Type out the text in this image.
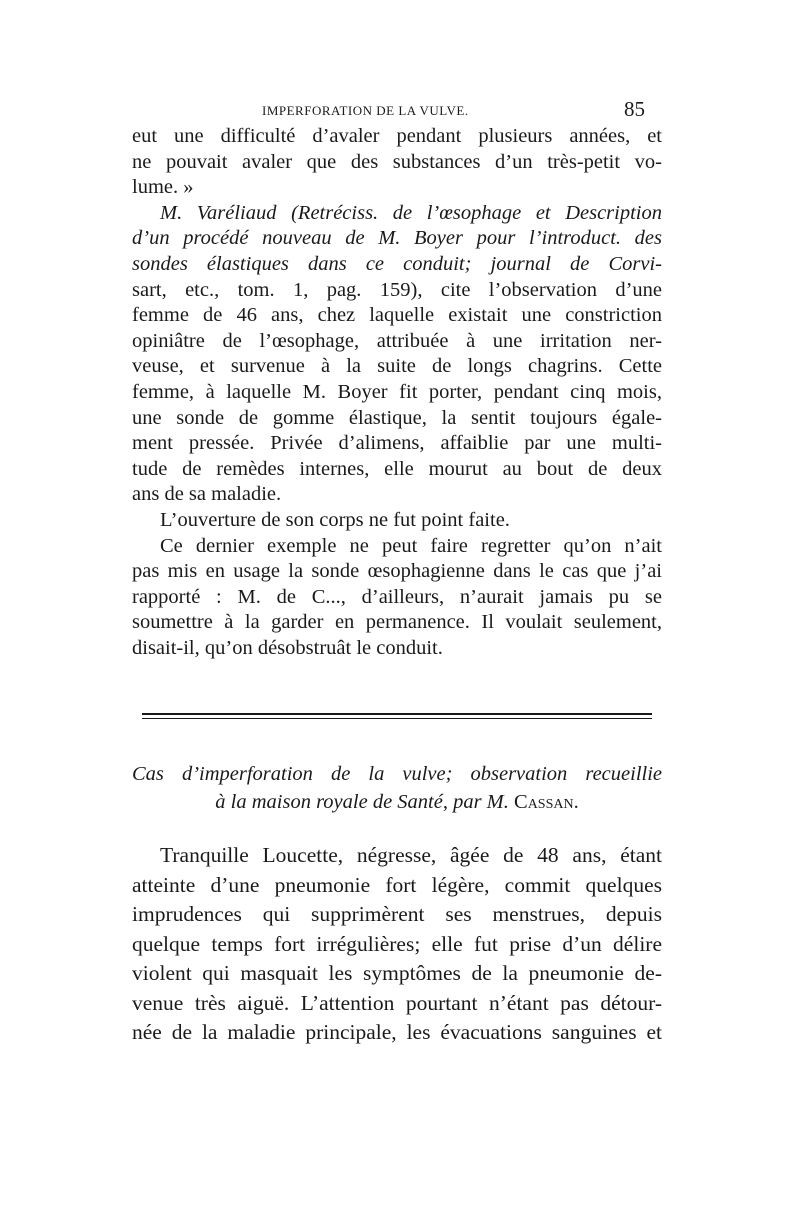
IMPERFORATION DE LA VULVE.	85
eut une difficulté d’avaler pendant plusieurs années, et
ne pouvait avaler que des substances d’un très-petit vo-
lume. »
M. Varéliaud (Retréciss. de l’œsophage et Description
d’un procédé nouveau de M. Boyer pour l’introduct. des
sondes élastiques dans ce conduit; journal de Corvi-
sart, etc., tom. 1, pag. 159), cite l’observation d’une
femme de 46 ans, chez laquelle existait une constriction
opiniâtre de l’œsophage, attribuée à une irritation ner-
veuse, et survenue à la suite de longs chagrins. Cette
femme, à laquelle M. Boyer fit porter, pendant cinq mois,
une sonde de gomme élastique, la sentit toujours égale-
ment pressée. Privée d’alimens, affaiblie par une multi-
tude de remèdes internes, elle mourut au bout de deux
ans de sa maladie.
L’ouverture de son corps ne fut point faite.
Ce dernier exemple ne peut faire regretter qu’on n’ait
pas mis en usage la sonde œsophagienne dans le cas que j’ai
rapporté : M. de C..., d’ailleurs, n’aurait jamais pu se
soumettre à la garder en permanence. Il voulait seulement,
disait-il, qu’on désobstruât le conduit.
Cas d’imperforation de la vulve; observation recueillie
à la maison royale de Santé, par M. Cassan.
Tranquille Loucette, négresse, âgée de 48 ans, étant
atteinte d’une pneumonie fort légère, commit quelques
imprudences qui supprimèrent ses menstrues, depuis
quelque temps fort irrégulières; elle fut prise d’un délire
violent qui masquait les symptômes de la pneumonie de-
venue très aiguë. L’attention pourtant n’étant pas détour-
née de la maladie principale, les évacuations sanguines et
